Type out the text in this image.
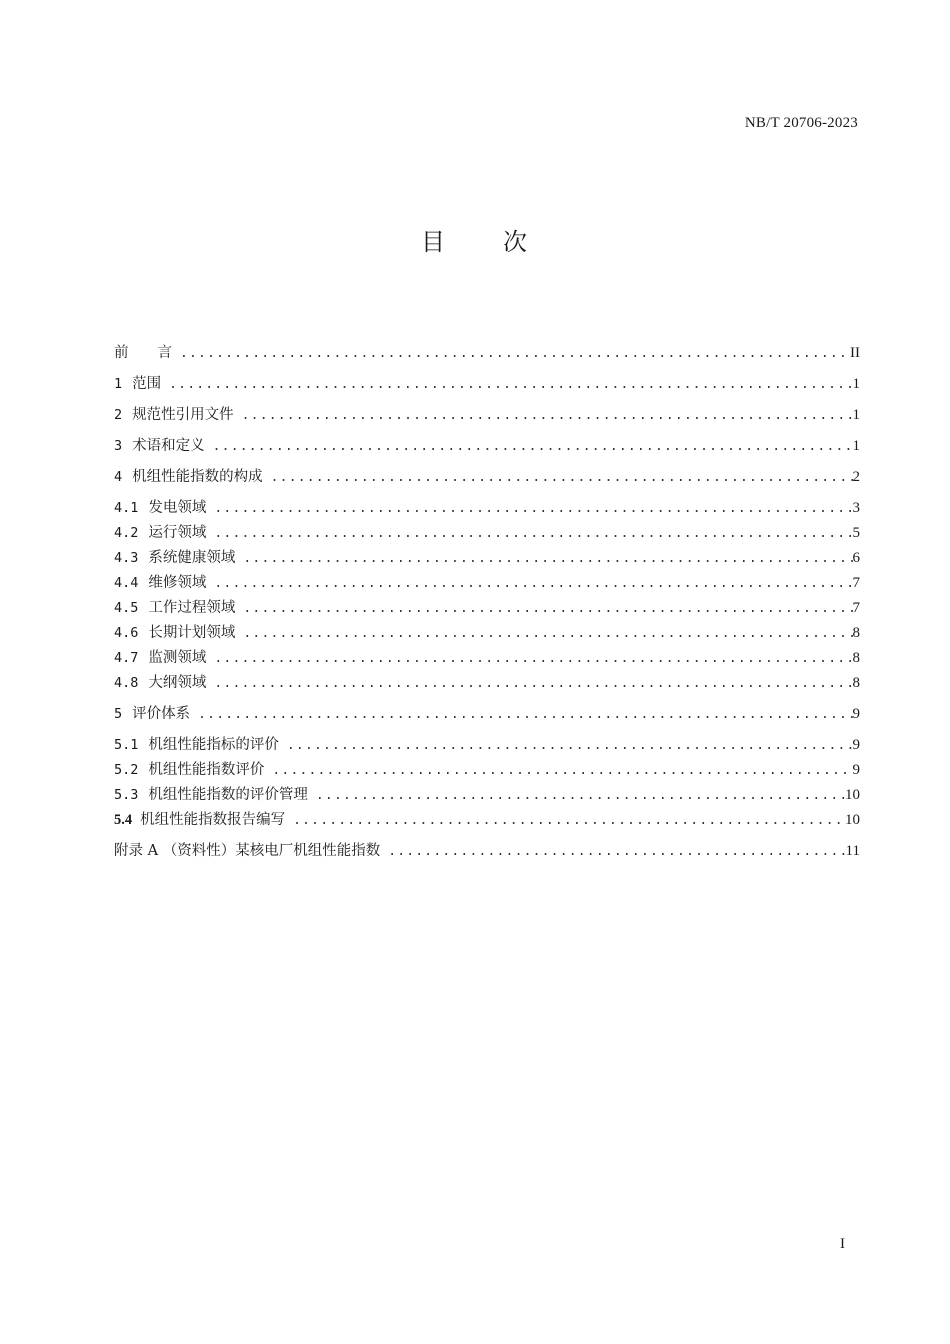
NB/T 20706-2023
目 次
前　　言 .....	II
1 范围 .....	1
2 规范性引用文件 .....	1
3 术语和定义 .....	1
4 机组性能指数的构成 .....	2
4.1 发电领域 .....	3
4.2 运行领域 .....	5
4.3 系统健康领域 .....	6
4.4 维修领域 .....	7
4.5 工作过程领域 .....	7
4.6 长期计划领域 .....	8
4.7 监测领域 .....	8
4.8 大纲领域 .....	8
5 评价体系 .....	9
5.1 机组性能指标的评价 .....	9
5.2 机组性能指数评价 .....	9
5.3 机组性能指数的评价管理 .....	10
5.4 机组性能指数报告编写 .....	10
附录 A （资料性）某核电厂机组性能指数 .....	11
I
